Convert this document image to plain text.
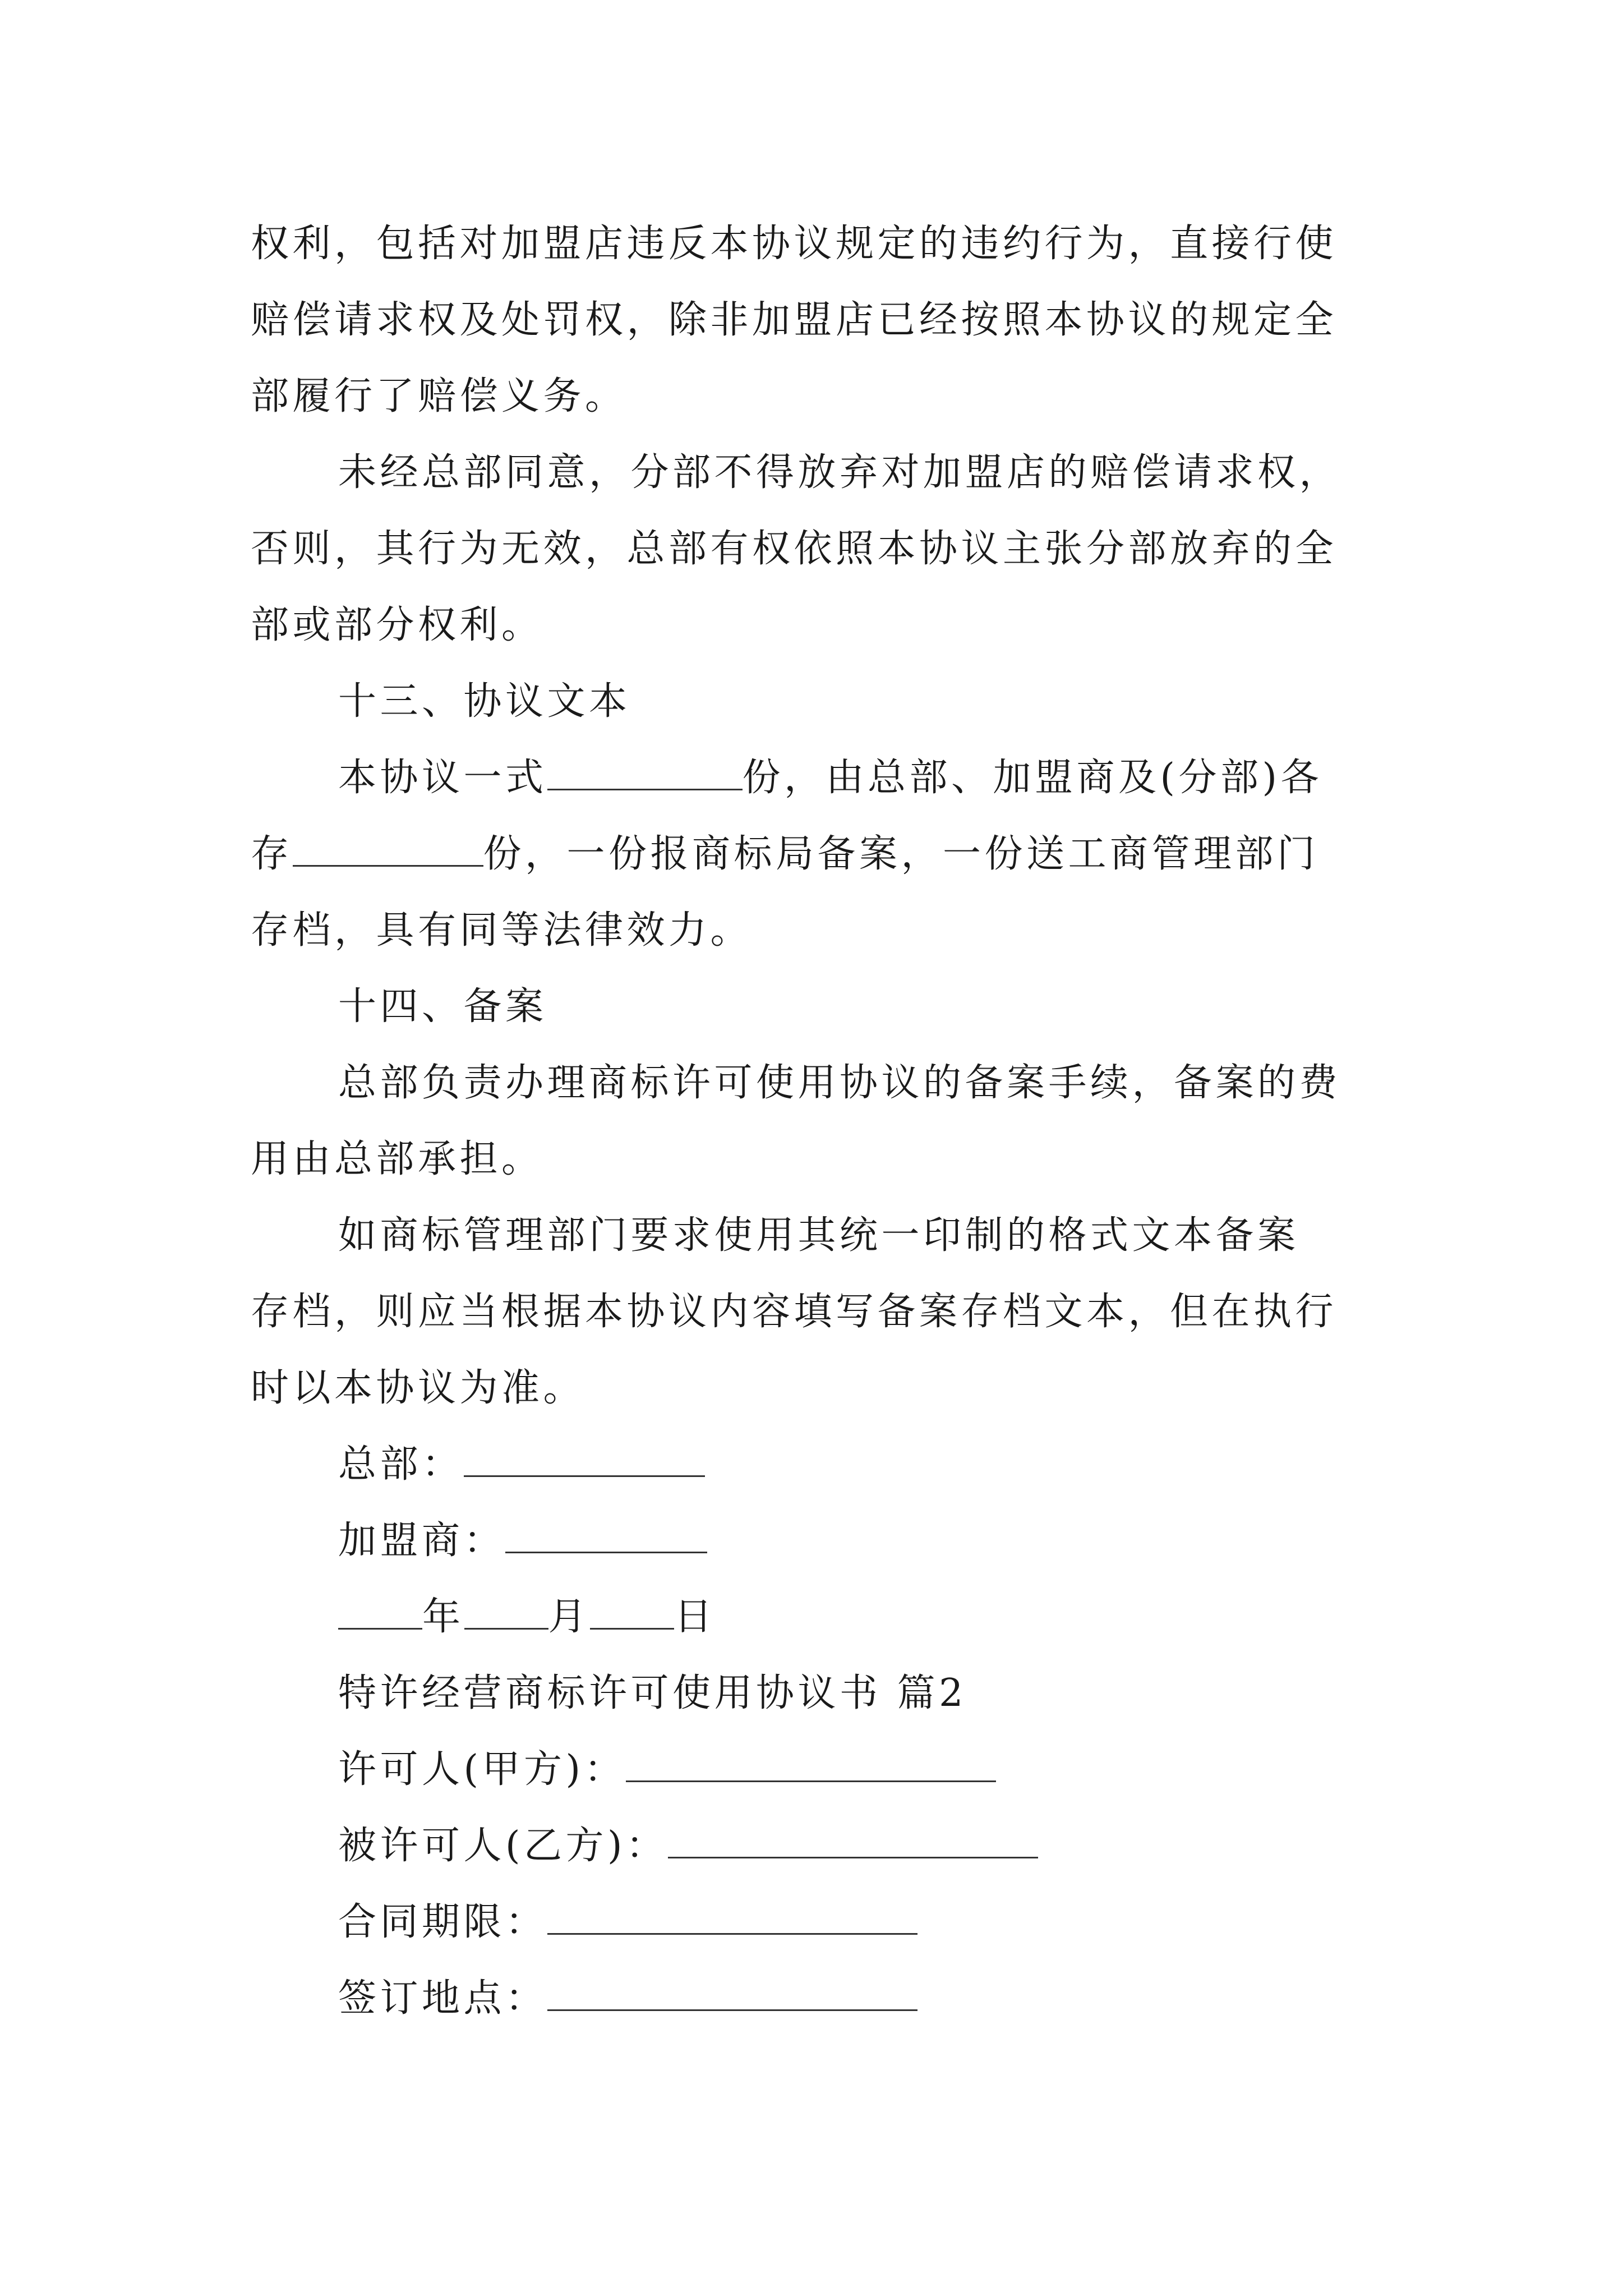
权利，包括对加盟店违反本协议规定的违约行为，直接行使
赔偿请求权及处罚权，除非加盟店已经按照本协议的规定全
部履行了赔偿义务。
未经总部同意，分部不得放弃对加盟店的赔偿请求权，
否则，其行为无效，总部有权依照本协议主张分部放弃的全
部或部分权利。
十三、协议文本
本协议一式	份，由总部、加盟商及(分部)各
存	份，一份报商标局备案，一份送工商管理部门
存档，具有同等法律效力。
十四、备案
总部负责办理商标许可使用协议的备案手续，备案的费
用由总部承担。
如商标管理部门要求使用其统一印制的格式文本备案
存档，则应当根据本协议内容填写备案存档文本，但在执行
时以本协议为准。
总部：
加盟商：
年 月 日
特许经营商标许可使用协议书 篇2
许可人(甲方)：
被许可人(乙方)：
合同期限：
签订地点：
